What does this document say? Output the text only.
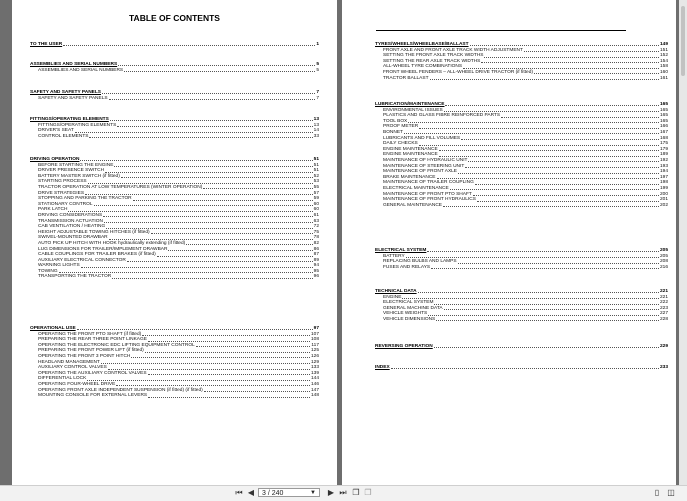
TABLE OF CONTENTS
TO THE USER	1
ASSEMBLIES AND SERIAL NUMBERS	5
ASSEMBLIES AND SERIAL NUMBERS	5
SAFETY AND SAFETY PANELS	7
SAFETY AND SAFETY PANELS	7
FITTINGS/OPERATING ELEMENTS	13
FITTINGS/OPERATING ELEMENTS	13
DRIVER'S SEAT	14
CONTROL ELEMENTS	33
DRIVING OPERATION	51
BEFORE STARTING THE ENGINE	51
DRIVER PRESENCE SWITCH	51
BATTERY MASTER SWITCH (if fitted)	52
STARTING PROCESS	53
TRACTOR OPERATION AT LOW TEMPERATURES (WINTER OPERATION)	55
DRIVE STRATEGIES	57
STOPPING AND PARKING THE TRACTOR	59
STATIONARY CONTROL	60
PARK LATCH	60
DRIVING CONSIDERATIONS	61
TRANSMISSION ACTUATION	63
CAB VENTILATION / HEATING	72
HEIGHT ADJUSTABLE TOWING HITCHES (if fitted)	75
SWIVEL-MOUNTED DRAWBAR	78
AUTO PICK UP HITCH WITH HOOK hydraulically extending (if fitted)	82
LUG DIMENSIONS FOR TRAILER/IMPLEMENT DRAWBAR	86
CABLE COUPLINGS FOR TRAILER BRAKES (if fitted)	87
AUXILIARY ELECTRICAL CONNECTOR	89
WARNING LIGHTS	94
TOWING	95
TRANSPORTING THE TRACTOR	96
OPERATIONAL USE	97
OPERATING THE FRONT PTO SHAFT (if fitted)	107
PREPARING THE REAR THREE POINT LINKAGE	108
OPERATING THE ELECTRONIC EDC LIFTING EQUIPMENT CONTROL	117
PREPARING THE FRONT POWER LIFT (if fitted)	125
OPERATING THE FRONT 3 POINT HITCH	126
HEADLAND MANAGEMENT	129
AUXILIARY CONTROL VALVES	133
OPERATING THE AUXILIARY CONTROL VALVES	139
DIFFERENTIAL LOCK	144
OPERATING FOUR-WHEEL DRIVE	146
OPERATING FRONT AXLE INDEPENDENT SUSPENSION (if fitted) (if fitted)	147
MOUNTING CONSOLE FOR EXTERNAL LEVERS	148
TYRES/WHEELS/WHEELBASE/BALLAST	149
FRONT AXLE AND FRONT AXLE TRACK WIDTH ADJUSTMENT	151
SETTING THE FRONT AXLE TRACK WIDTHS	152
SETTING THE REAR AXLE TRACK WIDTHS	154
ALL-WHEEL TYRE COMBINATIONS	158
FRONT WHEEL FENDERS – ALL-WHEEL DRIVE TRACTOR (if fitted)	160
TRACTOR BALLAST	161
LUBRICATION/MAINTENANCE	165
ENVIRONMENTAL ISSUES	165
PLASTICS AND GLASS FIBRE REINFORCED PARTS	165
TOOL BOX	165
PROOF METER	166
BONNET	167
LUBRICANTS AND FILL VOLUMES	168
DAILY CHECKS	175
ENGINE MAINTENANCE	179
ENGINE MAINTENANCE	189
MAINTENANCE OF HYDRAULIC UNIT	192
MAINTENANCE OF STEERING UNIT	193
MAINTENANCE OF FRONT AXLE	194
BRAKE MAINTENANCE	197
MAINTENANCE OF TRAILER COUPLING	198
ELECTRICAL MAINTENANCE	199
MAINTENANCE OF FRONT PTO SHAFT	200
MAINTENANCE OF FRONT HYDRAULICS	201
GENERAL MAINTENANCE	202
ELECTRICAL SYSTEM	205
BATTERY	205
REPLACING BULBS AND LAMPS	208
FUSES AND RELAYS	216
TECHNICAL DATA	221
ENGINE	221
ELECTRICAL SYSTEM	222
GENERAL MACHINE DATA	223
VEHICLE WEIGHTS	227
VEHICLE DIMENSIONS	228
REVERSING OPERATION	229
INDEX	233
⏮ ◀	3 / 240	▼ ▶ ⏭ ❐ ❐	▯	◫
